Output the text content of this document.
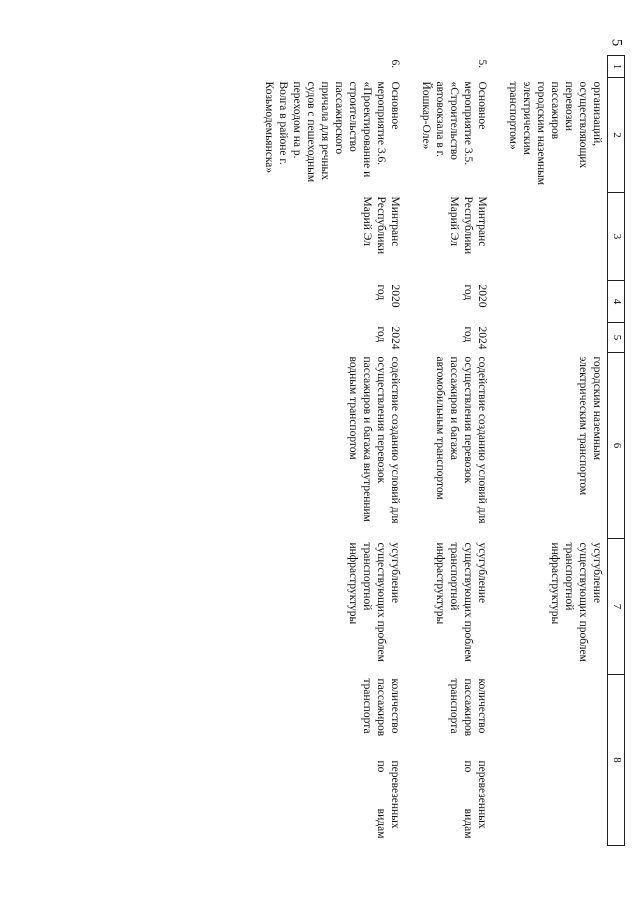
5
1	2	3	4	5	6	7	8
	организаций, осуществляющих перевозки пассажиров городским наземным электрическим транспортом»				городским наземным электрическим транспортом	усугубление существующих проблем транспортной инфраструктуры	
5.	Основное мероприятие 3.5. «Строительство автовокзала в г. Йошкар-Оле»	Минтранс Республики Марий Эл	2020 год	2024 год	содействие созданию условий для осуществления перевозок пассажиров и багажа автомобильным транспортом	усугубление существующих проблем транспортной инфраструктуры	количество пассажиров транспортаперевезенных по видам
6.	Основное мероприятие 3.6. «Проектирование и строительство пассажирского причала для речных судов с пешеходным переходом на р. Волга в районе г. Козьмодемьянска»	Минтранс Республики Марий Эл	2020 год	2024 год	содействие созданию условий для осуществления перевозок пассажиров и багажа внутренним водным транспортом	усугубление существующих проблем транспортной инфраструктуры	количество пассажиров транспортаперевезенных по видам
